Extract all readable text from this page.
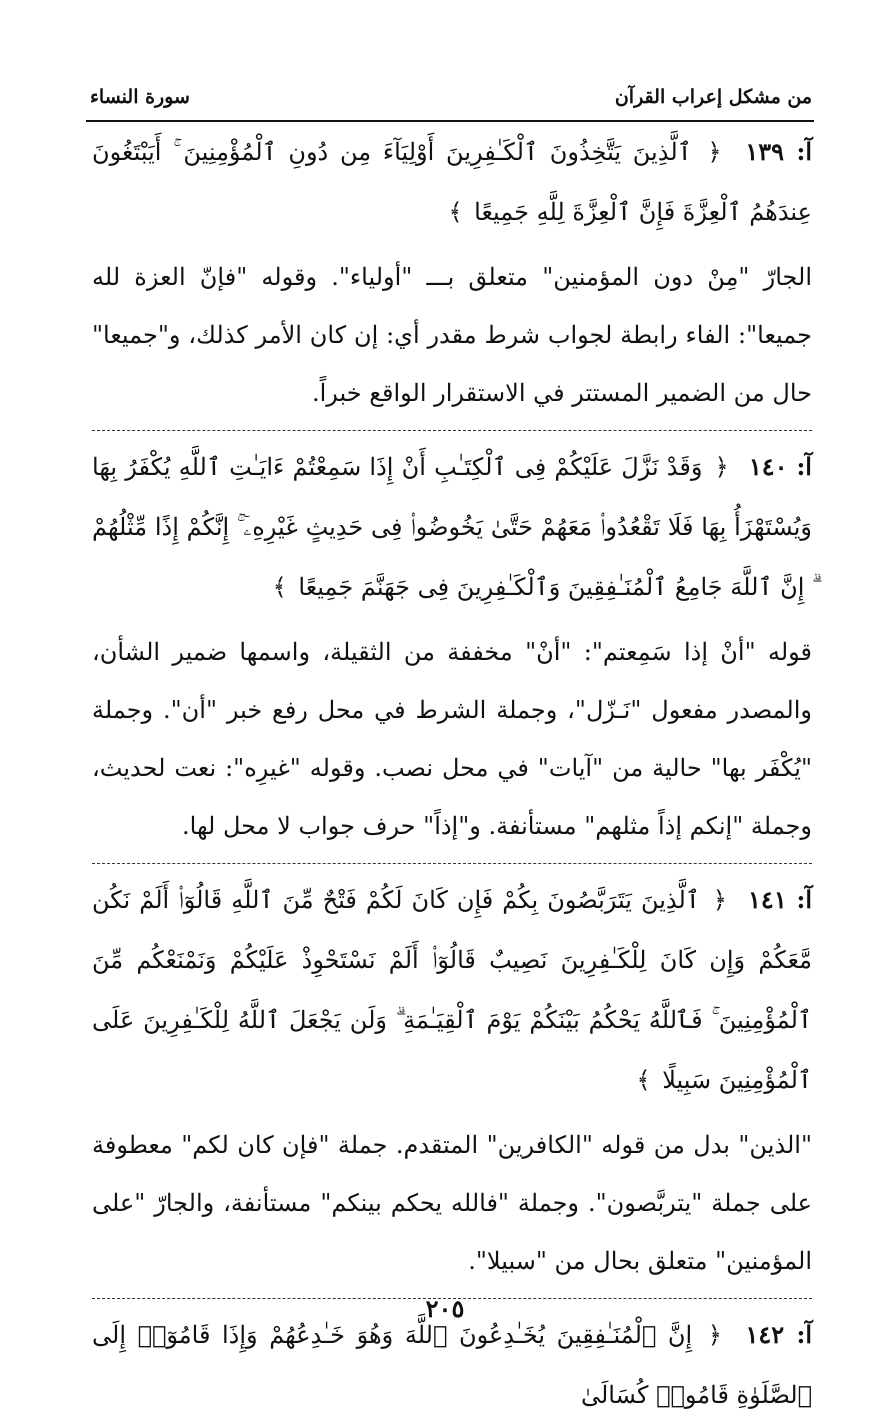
من مشكل إعراب القرآن
سورة النساء
آ: ١٣٩ ﴿ ٱلَّذِينَ يَتَّخِذُونَ ٱلْكَـٰفِرِينَ أَوْلِيَآءَ مِن دُونِ ٱلْمُؤْمِنِينَ ۚ أَيَبْتَغُونَ عِندَهُمُ ٱلْعِزَّةَ فَإِنَّ ٱلْعِزَّةَ لِلَّهِ جَمِيعًا ﴾
الجارّ "مِنْ دون المؤمنين" متعلق بـــ "أولياء". وقوله "فإنّ العزة لله جميعا": الفاء رابطة لجواب شرط مقدر أي: إن كان الأمر كذلك، و"جميعا" حال من الضمير المستتر في الاستقرار الواقع خبراً.
آ: ١٤٠ ﴿ وَقَدْ نَزَّلَ عَلَيْكُمْ فِى ٱلْكِتَـٰبِ أَنْ إِذَا سَمِعْتُمْ ءَايَـٰتِ ٱللَّهِ يُكْفَرُ بِهَا وَيُسْتَهْزَأُ بِهَا فَلَا تَقْعُدُوا۟ مَعَهُمْ حَتَّىٰ يَخُوضُوا۟ فِى حَدِيثٍ غَيْرِهِۦٓ ۚ إِنَّكُمْ إِذًا مِّثْلُهُمْ ۗ إِنَّ ٱللَّهَ جَامِعُ ٱلْمُنَـٰفِقِينَ وَٱلْكَـٰفِرِينَ فِى جَهَنَّمَ جَمِيعًا ﴾
قوله "أنْ إذا سَمِعتم": "أنْ" مخففة من الثقيلة، واسمها ضمير الشأن، والمصدر مفعول "نَـزّل"، وجملة الشرط في محل رفع خبر "أن". وجملة "يُكْفَر بها" حالية من "آيات" في محل نصب. وقوله "غيرِه": نعت لحديث، وجملة "إنكم إذاً مثلهم" مستأنفة. و"إذاً" حرف جواب لا محل لها.
آ: ١٤١ ﴿ ٱلَّذِينَ يَتَرَبَّصُونَ بِكُمْ فَإِن كَانَ لَكُمْ فَتْحٌ مِّنَ ٱللَّهِ قَالُوٓا۟ أَلَمْ نَكُن مَّعَكُمْ وَإِن كَانَ لِلْكَـٰفِرِينَ نَصِيبٌ قَالُوٓا۟ أَلَمْ نَسْتَحْوِذْ عَلَيْكُمْ وَنَمْنَعْكُم مِّنَ ٱلْمُؤْمِنِينَ ۚ فَٱللَّهُ يَحْكُمُ بَيْنَكُمْ يَوْمَ ٱلْقِيَـٰمَةِ ۗ وَلَن يَجْعَلَ ٱللَّهُ لِلْكَـٰفِرِينَ عَلَى ٱلْمُؤْمِنِينَ سَبِيلًا ﴾
"الذين" بدل من قوله "الكافرين" المتقدم. جملة "فإن كان لكم" معطوفة على جملة "يتربَّصون". وجملة "فالله يحكم بينكم" مستأنفة، والجارّ "على المؤمنين" متعلق بحال من "سبيلا".
آ: ١٤٢ ﴿ إِنَّ ٱلْمُنَـٰفِقِينَ يُخَـٰدِعُونَ ٱللَّهَ وَهُوَ خَـٰدِعُهُمْ وَإِذَا قَامُوٓا۟ إِلَى ٱلصَّلَوٰةِ قَامُوا۟ كُسَالَىٰ
٢٠٥
